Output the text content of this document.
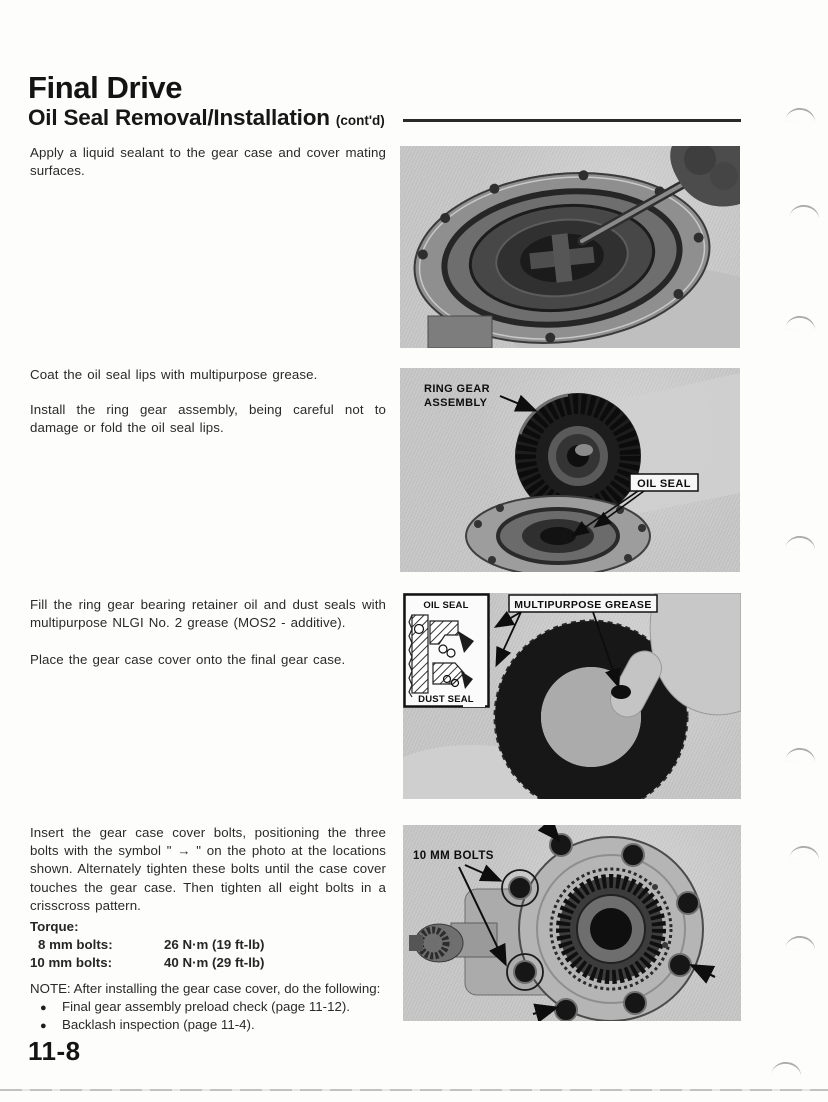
Final Drive
Oil Seal Removal/Installation (cont'd)
Apply a liquid sealant to the gear case and cover mating surfaces.
Coat the oil seal lips with multipurpose grease.
Install the ring gear assembly, being careful not to damage or fold the oil seal lips.
Fill the ring gear bearing retainer oil and dust seals with multipurpose NLGI No. 2 grease (MOS2 - additive).
Place the gear case cover onto the final gear case.
Insert the gear case cover bolts, positioning the three bolts with the symbol " → " on the photo at the locations shown. Alternately tighten these bolts until the case cover touches the gear case. Then tighten all eight bolts in a crisscross pattern.
Torque:
8 mm bolts:	26 N·m (19 ft-lb)
10 mm bolts:	40 N·m (29 ft-lb)
NOTE: After installing the gear case cover, do the following:
● Final gear assembly preload check (page 11-12).
● Backlash inspection (page 11-4).
11-8
RING GEAR
ASSEMBLY
OIL SEAL
OIL SEAL
DUST SEAL
MULTIPURPOSE GREASE
10 MM BOLTS
